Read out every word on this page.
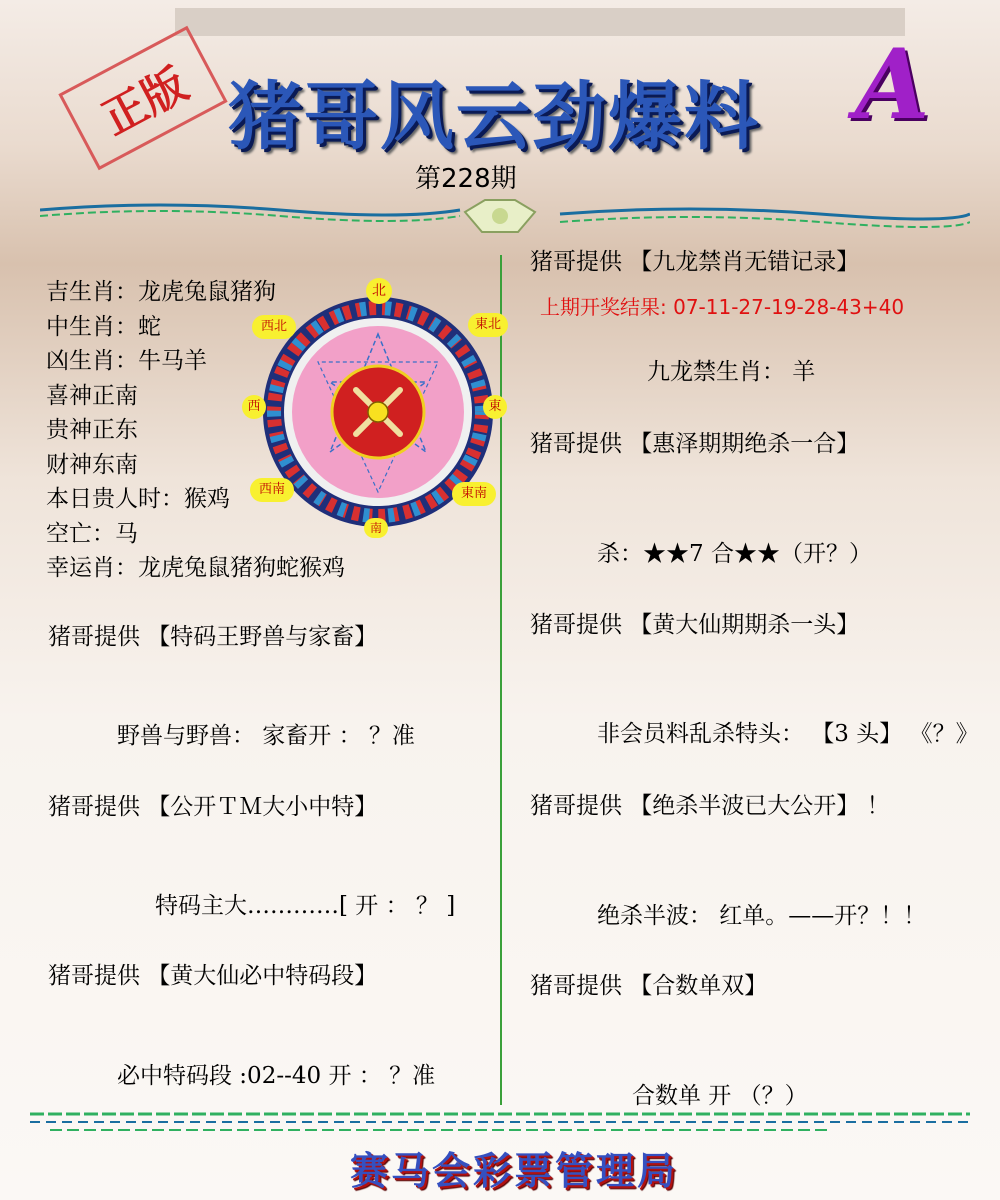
正版 猪哥风云劲爆料 A
第228期
吉生肖：龙虎兔鼠猪狗
中生肖：蛇
凶生肖：牛马羊
喜神正南
贵神正东
财神东南
本日贵人时：猴鸡
空亡：马
幸运肖：龙虎兔鼠猪狗蛇猴鸡
北
東北
東
東南
南
西南
西
西北
猪哥提供 【特码王野兽与家畜】
野兽与野兽： 家畜开 ： ？准
猪哥提供 【公开ＴＭ大小中特】
特码主大…………[ 开 ： ？ ]
猪哥提供 【黄大仙必中特码段】
必中特码段 :02--40 开 ： ？准
猪哥提供 【九龙禁肖无错记录】
上期开奖结果: 07-11-27-19-28-43+40
九龙禁生肖： 羊
猪哥提供 【惠泽期期绝杀一合】
杀：★★7 合★★（开？）
猪哥提供 【黄大仙期期杀一头】
非会员料乱杀特头： 【3 头】 《？》
猪哥提供 【绝杀半波已大公开】 ！
绝杀半波： 红单。——开？！！
猪哥提供 【合数单双】
合数单 开 （？）
赛马会彩票管理局
